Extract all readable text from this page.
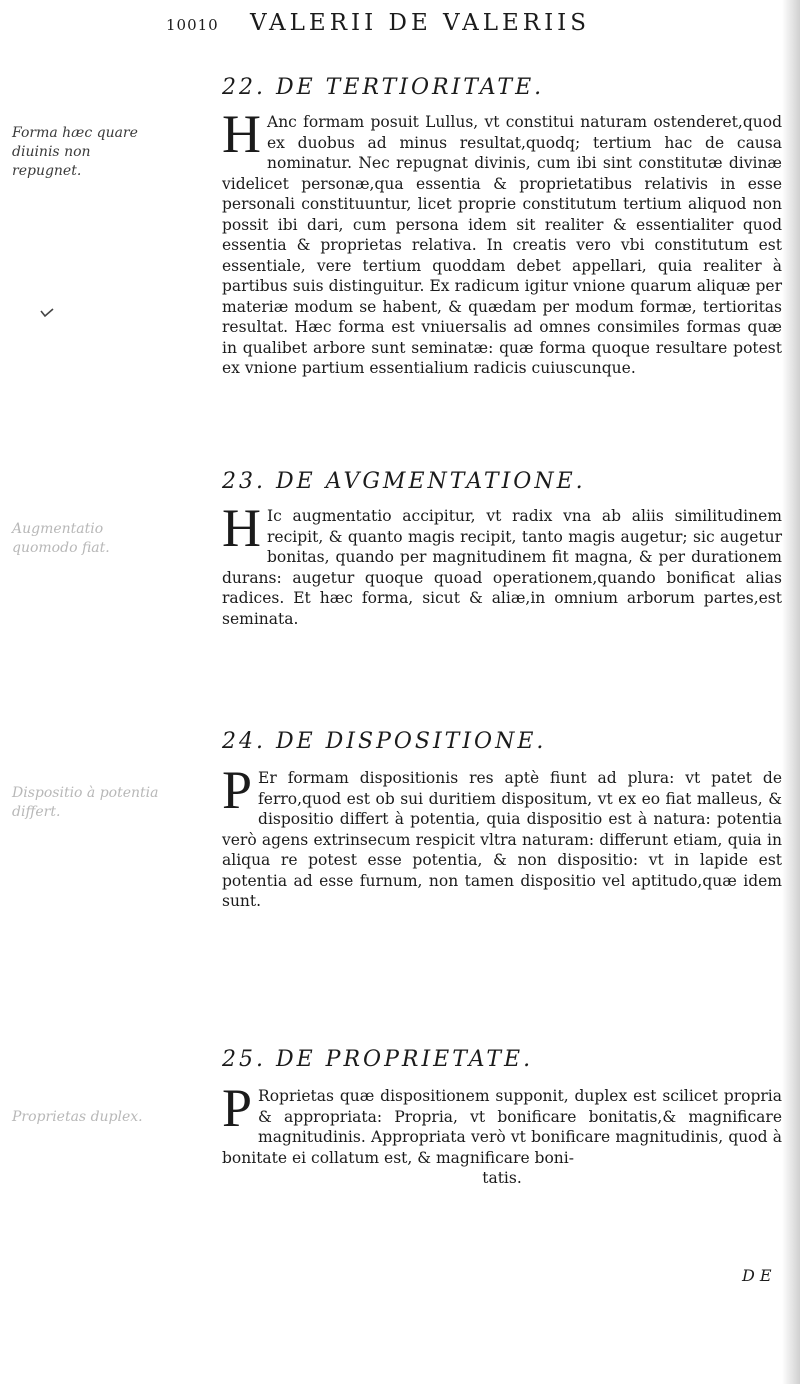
10010 VALERII DE VALERIIS
22. DE TERTIORITATE.

H Anc formam posuit Lullus, vt constitui naturam ostenderet,quod ex duobus ad minus resultat,quodq; tertium hac de causa nominatur. Nec repugnat divinis, cum ibi sint constitutæ divinæ videlicet personæ,qua essentia & proprietatibus relativis in esse personali constituuntur, licet proprie constitutum tertium aliquod non possit ibi dari, cum persona idem sit realiter & essentialiter quod essentia & proprietas relativa. In creatis vero vbi constitutum est essentiale, vere tertium quoddam debet appellari, quia realiter à partibus suis distinguitur. Ex radicum igitur vnione quarum aliquæ per materiæ modum se habent, & quædam per modum formæ, tertioritas resultat. Hæc forma est vniuersalis ad omnes consimiles formas quæ in qualibet arbore sunt seminatæ: quæ forma quoque resultare potest ex vnione partium essentialium radicis cuiuscunque.

23. DE AVGMENTATIONE.

H Ic augmentatio accipitur, vt radix vna ab aliis similitudinem recipit, & quanto magis recipit, tanto magis augetur; sic augetur bonitas, quando per magnitudinem fit magna, & per durationem durans: augetur quoque quoad operationem,quando bonificat alias radices. Et hæc forma, sicut & aliæ,in omnium arborum partes,est seminata.

24. DE DISPOSITIONE.

P Er formam dispositionis res aptè fiunt ad plura: vt patet de ferro,quod est ob sui duritiem dispositum, vt ex eo fiat malleus, & dispositio differt à potentia, quia dispositio est à natura: potentia verò agens extrinsecum respicit vltra naturam: differunt etiam, quia in aliqua re potest esse potentia, & non dispositio: vt in lapide est potentia ad esse furnum, non tamen dispositio vel aptitudo,quæ idem sunt.

25. DE PROPRIETATE.

P Roprietas quæ dispositionem supponit, duplex est scilicet propria & appropriata: Propria, vt bonificare bonitatis,& magnificare magnitudinis. Appropriata verò vt bonificare magnitudinis, quod à bonitate ei collatum est, & magnificare boni-

tatis.

Forma hæc quare diuinis non repugnet.
Augmentatio quomodo fiat.
Dispositio à potentia differt.
Proprietas duplex.
D E
